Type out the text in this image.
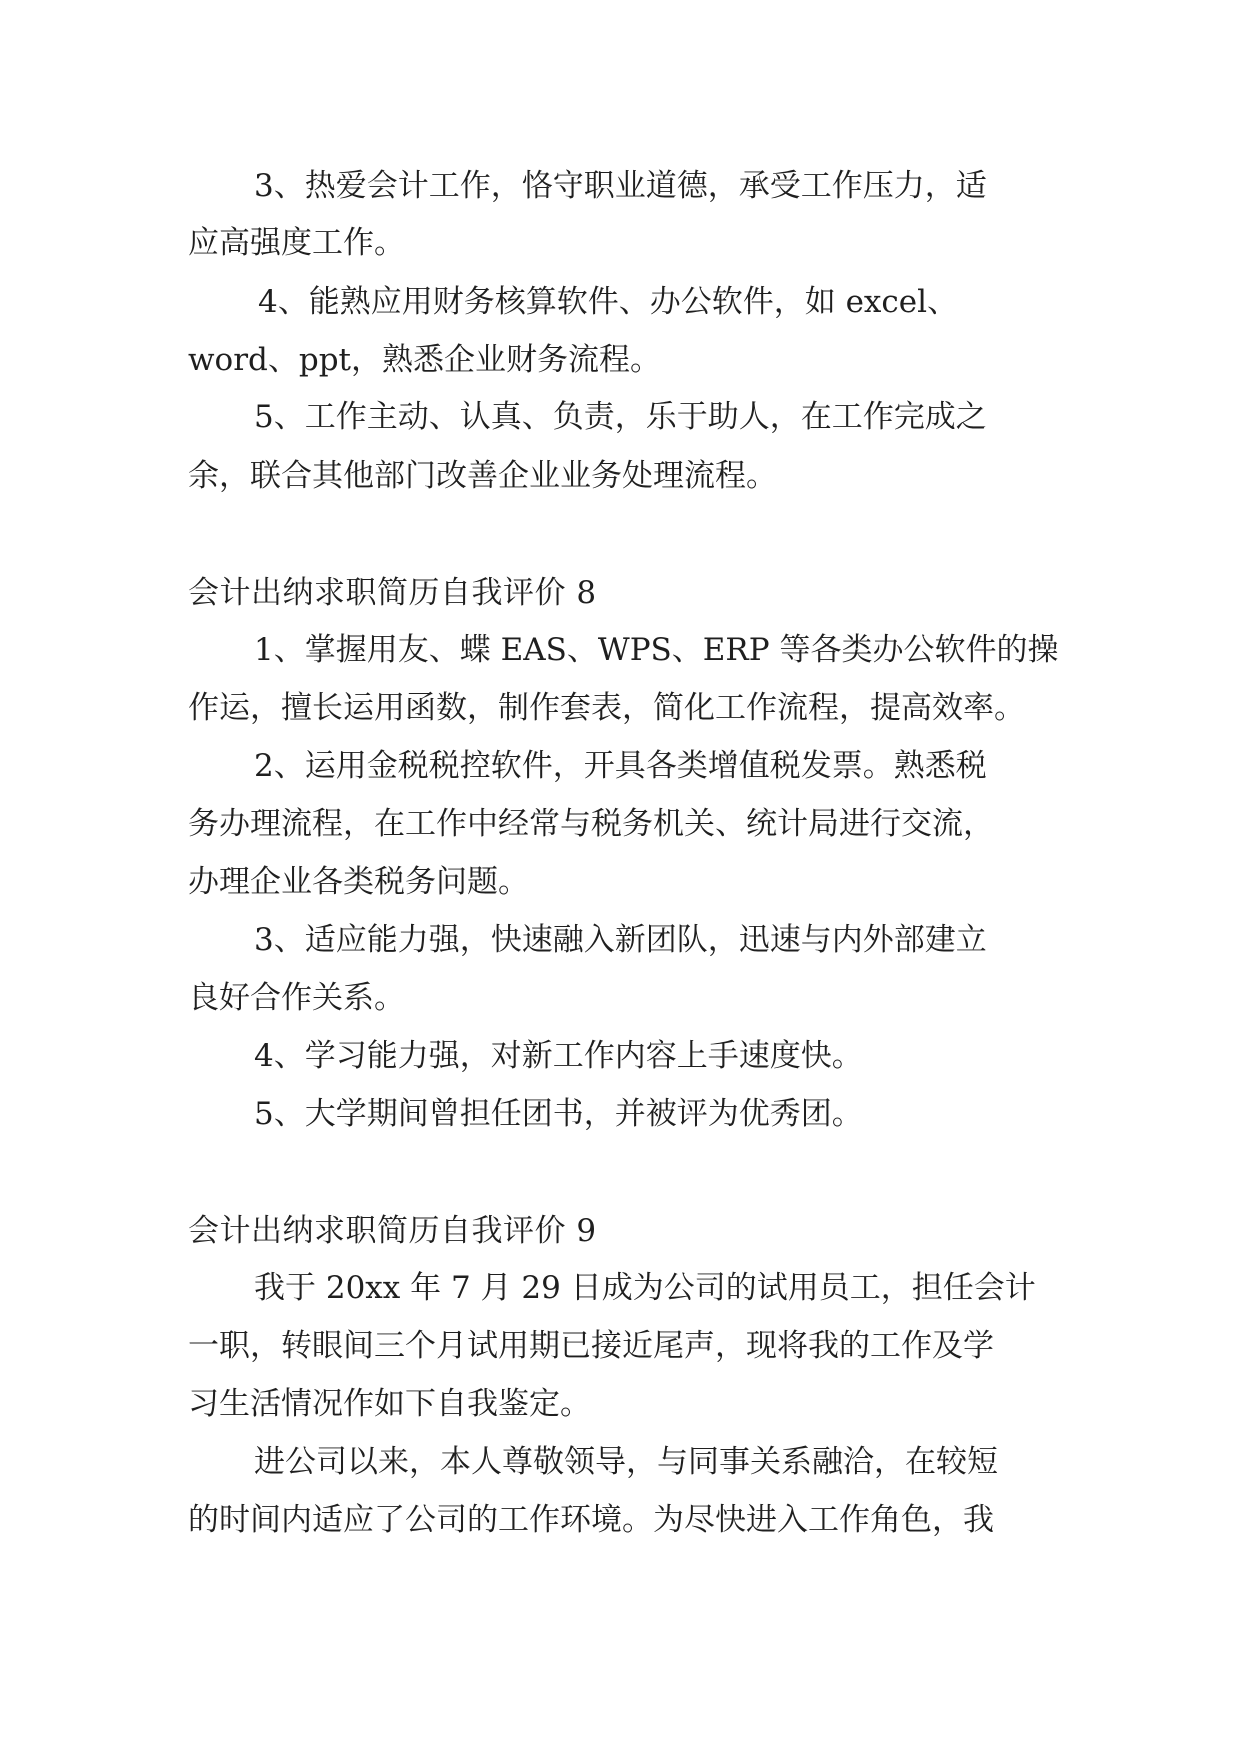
3、热爱会计工作，恪守职业道德，承受工作压力，适
应高强度工作。
4、能熟应用财务核算软件、办公软件，如 excel、
word、ppt，熟悉企业财务流程。
5、工作主动、认真、负责，乐于助人，在工作完成之
余，联合其他部门改善企业业务处理流程。
会计出纳求职简历自我评价 8
1、掌握用友、蝶 EAS、WPS、ERP 等各类办公软件的操
作运，擅长运用函数，制作套表，简化工作流程，提高效率。
2、运用金税税控软件，开具各类增值税发票。熟悉税
务办理流程，在工作中经常与税务机关、统计局进行交流，
办理企业各类税务问题。
3、适应能力强，快速融入新团队，迅速与内外部建立
良好合作关系。
4、学习能力强，对新工作内容上手速度快。
5、大学期间曾担任团书，并被评为优秀团。
会计出纳求职简历自我评价 9
我于 20xx 年 7 月 29 日成为公司的试用员工，担任会计
一职，转眼间三个月试用期已接近尾声，现将我的工作及学
习生活情况作如下自我鉴定。
进公司以来，本人尊敬领导，与同事关系融洽，在较短
的时间内适应了公司的工作环境。为尽快进入工作角色，我
